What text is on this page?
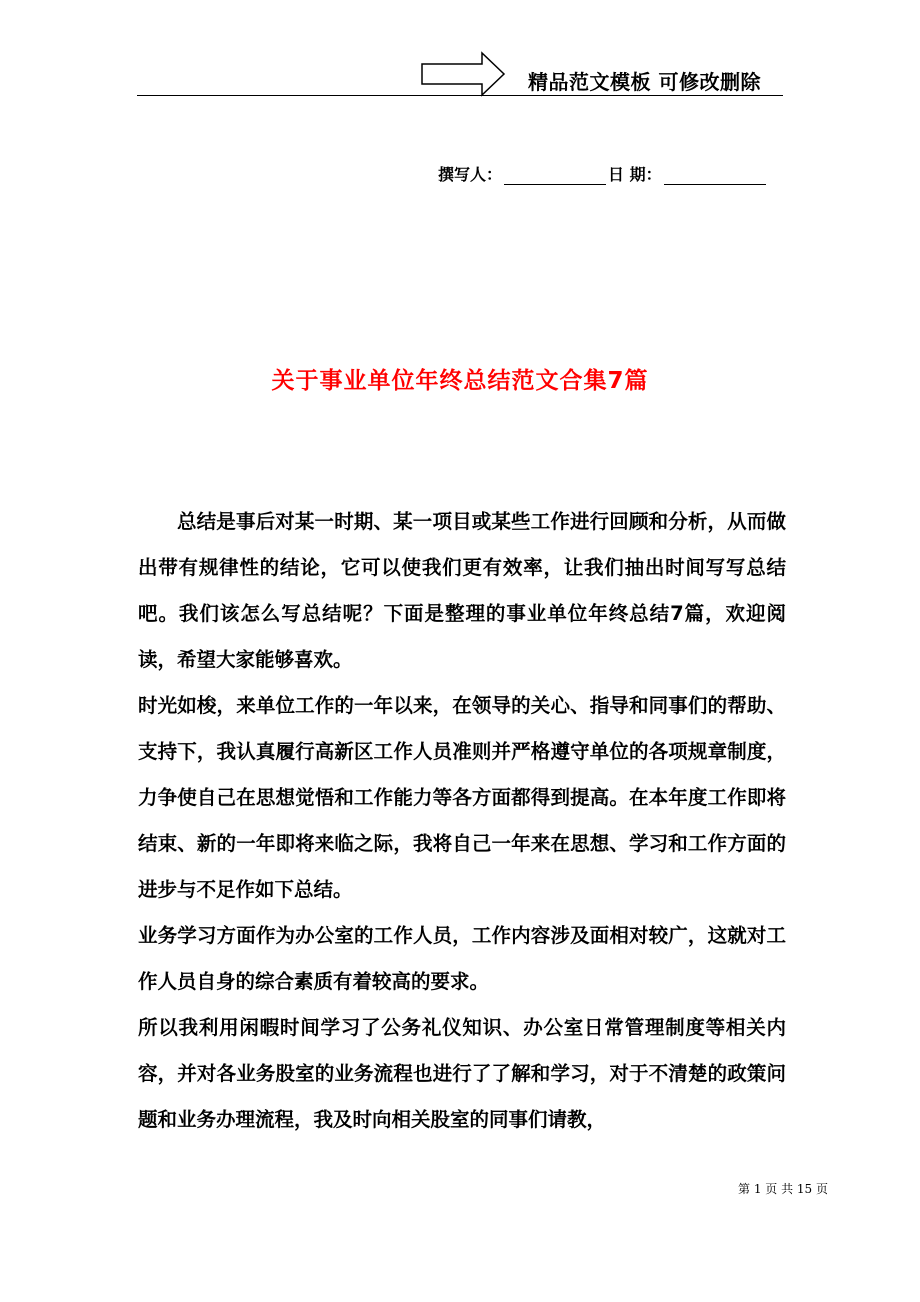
精品范文模板 可修改删除
撰写人：	日 期：
关于事业单位年终总结范文合集7篇

总结是事后对某一时期、某一项目或某些工作进行回顾和分析，从而做出带有规律性的结论，它可以使我们更有效率，让我们抽出时间写写总结吧。我们该怎么写总结呢？下面是整理的事业单位年终总结7篇，欢迎阅读，希望大家能够喜欢。

时光如梭，来单位工作的一年以来，在领导的关心、指导和同事们的帮助、支持下，我认真履行高新区工作人员准则并严格遵守单位的各项规章制度，力争使自己在思想觉悟和工作能力等各方面都得到提高。在本年度工作即将结束、新的一年即将来临之际，我将自己一年来在思想、学习和工作方面的进步与不足作如下总结。

业务学习方面作为办公室的工作人员，工作内容涉及面相对较广，这就对工作人员自身的综合素质有着较高的要求。

所以我利用闲暇时间学习了公务礼仪知识、办公室日常管理制度等相关内容，并对各业务股室的业务流程也进行了了解和学习，对于不清楚的政策问题和业务办理流程，我及时向相关股室的同事们请教，

第 1 页 共 15 页
